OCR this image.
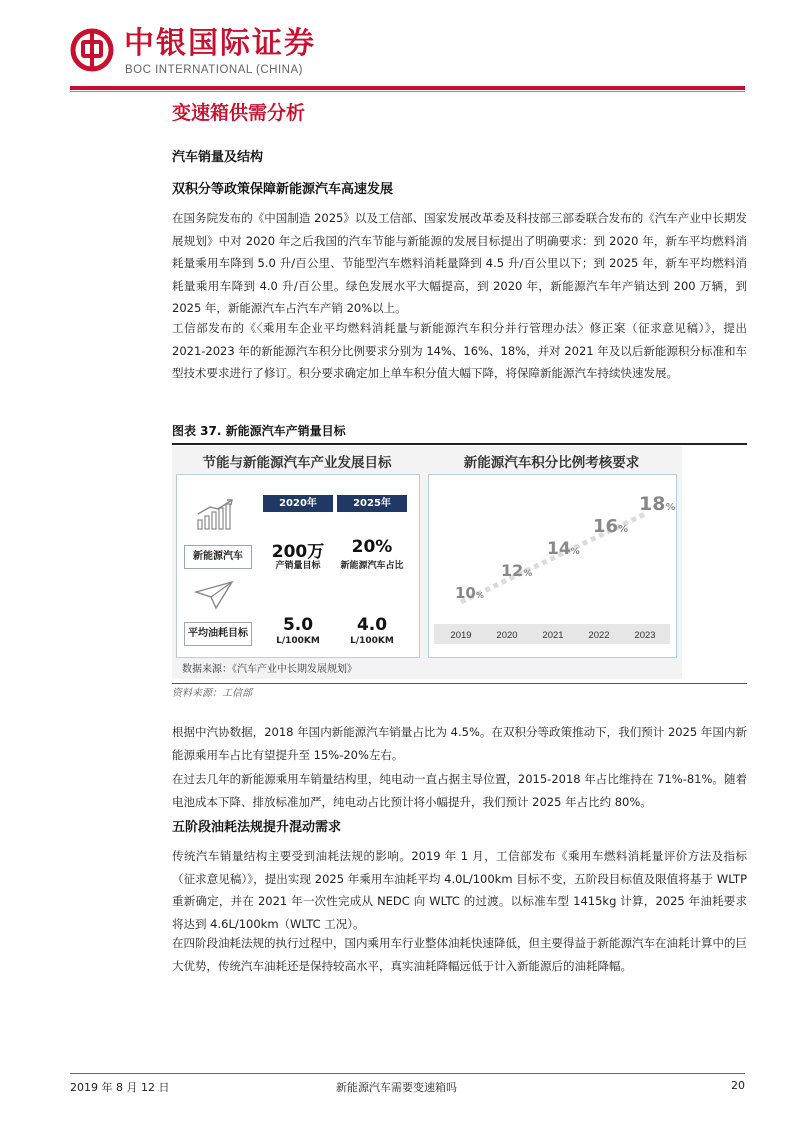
中银国际证券
BOC INTERNATIONAL (CHINA)
变速箱供需分析
汽车销量及结构
双积分等政策保障新能源汽车高速发展

在国务院发布的《中国制造 2025》以及工信部、国家发展改革委及科技部三部委联合发布的《汽车产业中长期发展规划》中对 2020 年之后我国的汽车节能与新能源的发展目标提出了明确要求：到 2020 年，新车平均燃料消耗量乘用车降到 5.0 升/百公里、节能型汽车燃料消耗量降到 4.5 升/百公里以下；到 2025 年，新车平均燃料消耗量乘用车降到 4.0 升/百公里。绿色发展水平大幅提高，到 2020 年，新能源汽车年产销达到 200 万辆，到 2025 年，新能源汽车占汽车产销 20%以上。

工信部发布的《〈乘用车企业平均燃料消耗量与新能源汽车积分并行管理办法〉修正案（征求意见稿）》，提出 2021-2023 年的新能源汽车积分比例要求分别为 14%、16%、18%，并对 2021 年及以后新能源积分标准和车型技术要求进行了修订。积分要求确定加上单车积分值大幅下降，将保障新能源汽车持续快速发展。

图表 37. 新能源汽车产销量目标
节能与新能源汽车产业发展目标	新能源汽车积分比例考核要求
2020年	2025年
新能源汽车	200万
产销量目标
20%
新能源汽车占比
平均油耗目标	5.0
L/100KM
4.0
L/100KM
10%
2019
12%
2020
14%
2021
16%
2022
18%
2023
数据来源：《汽车产业中长期发展规划》
资料来源：工信部

根据中汽协数据，2018 年国内新能源汽车销量占比为 4.5%。在双积分等政策推动下，我们预计 2025 年国内新能源乘用车占比有望提升至 15%-20%左右。

在过去几年的新能源乘用车销量结构里，纯电动一直占据主导位置，2015-2018 年占比维持在 71%-81%。随着电池成本下降、排放标准加严，纯电动占比预计将小幅提升，我们预计 2025 年占比约 80%。

五阶段油耗法规提升混动需求

传统汽车销量结构主要受到油耗法规的影响。2019 年 1 月，工信部发布《乘用车燃料消耗量评价方法及指标（征求意见稿）》，提出实现 2025 年乘用车油耗平均 4.0L/100km 目标不变，五阶段目标值及限值将基于 WLTP 重新确定，并在 2021 年一次性完成从 NEDC 向 WLTC 的过渡。以标准车型 1415kg 计算，2025 年油耗要求将达到 4.6L/100km（WLTC 工况）。

在四阶段油耗法规的执行过程中，国内乘用车行业整体油耗快速降低，但主要得益于新能源汽车在油耗计算中的巨大优势，传统汽车油耗还是保持较高水平，真实油耗降幅远低于计入新能源后的油耗降幅。

2019 年 8 月 12 日	新能源汽车需要变速箱吗	20
